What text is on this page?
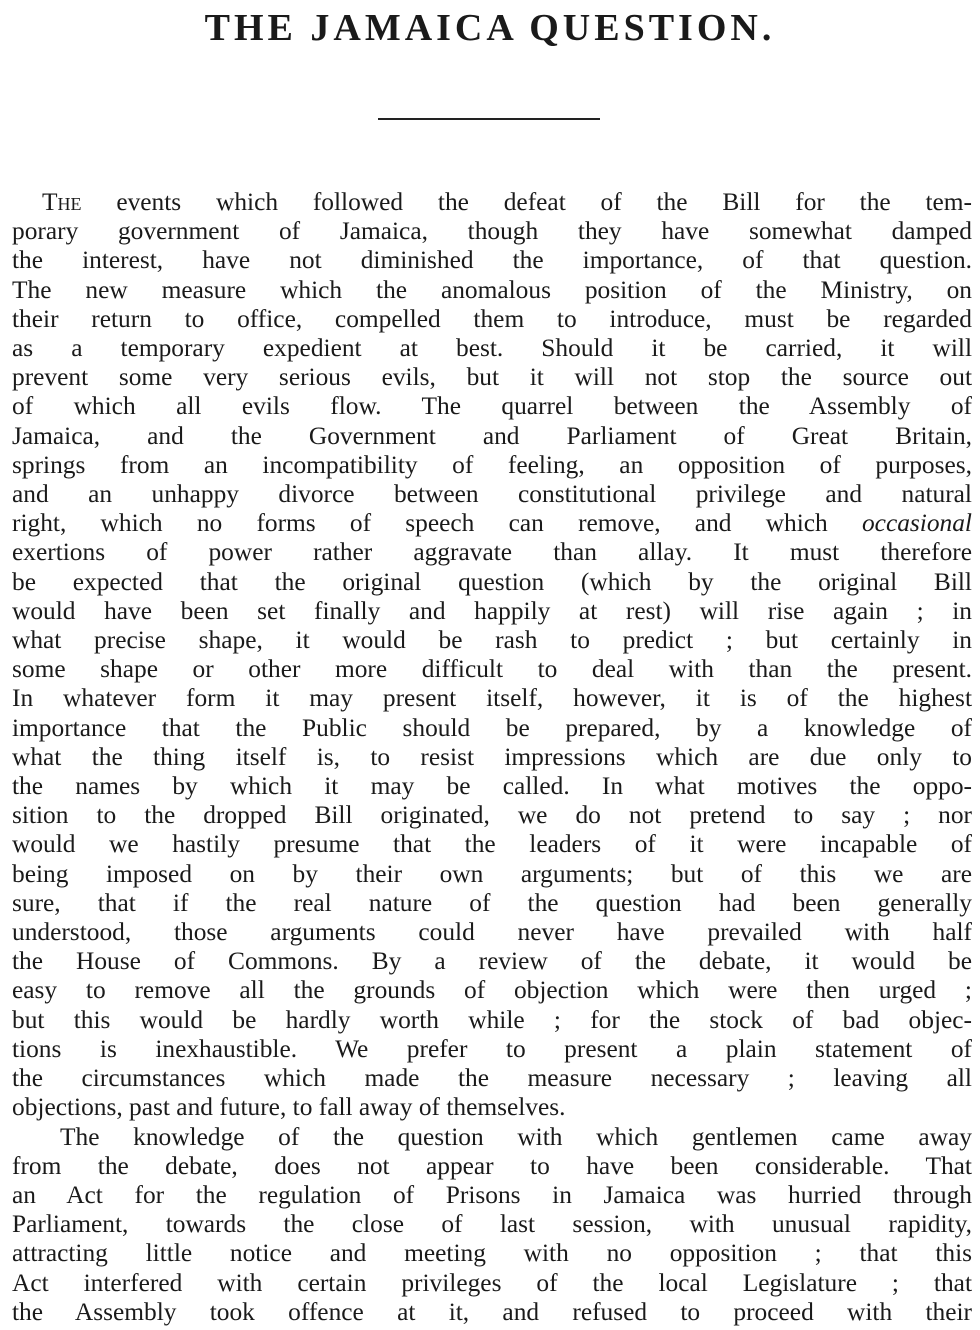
THE JAMAICA QUESTION.
The events which followed the defeat of the Bill for the tem-
porary government of Jamaica, though they have somewhat damped
the interest, have not diminished the importance, of that question.
The new measure which the anomalous position of the Ministry, on
their return to office, compelled them to introduce, must be regarded
as a temporary expedient at best. Should it be carried, it will
prevent some very serious evils, but it will not stop the source out
of which all evils flow. The quarrel between the Assembly of
Jamaica, and the Government and Parliament of Great Britain,
springs from an incompatibility of feeling, an opposition of purposes,
and an unhappy divorce between constitutional privilege and natural
right, which no forms of speech can remove, and which occasional
exertions of power rather aggravate than allay. It must therefore
be expected that the original question (which by the original Bill
would have been set finally and happily at rest) will rise again ; in
what precise shape, it would be rash to predict ; but certainly in
some shape or other more difficult to deal with than the present.
In whatever form it may present itself, however, it is of the highest
importance that the Public should be prepared, by a knowledge of
what the thing itself is, to resist impressions which are due only to
the names by which it may be called. In what motives the oppo-
sition to the dropped Bill originated, we do not pretend to say ; nor
would we hastily presume that the leaders of it were incapable of
being imposed on by their own arguments; but of this we are
sure, that if the real nature of the question had been generally
understood, those arguments could never have prevailed with half
the House of Commons. By a review of the debate, it would be
easy to remove all the grounds of objection which were then urged ;
but this would be hardly worth while ; for the stock of bad objec-
tions is inexhaustible. We prefer to present a plain statement of
the circumstances which made the measure necessary ; leaving all
objections, past and future, to fall away of themselves.
The knowledge of the question with which gentlemen came away
from the debate, does not appear to have been considerable. That
an Act for the regulation of Prisons in Jamaica was hurried through
Parliament, towards the close of last session, with unusual rapidity,
attracting little notice and meeting with no opposition ; that this
Act interfered with certain privileges of the local Legislature ; that
the Assembly took offence at it, and refused to proceed with their
